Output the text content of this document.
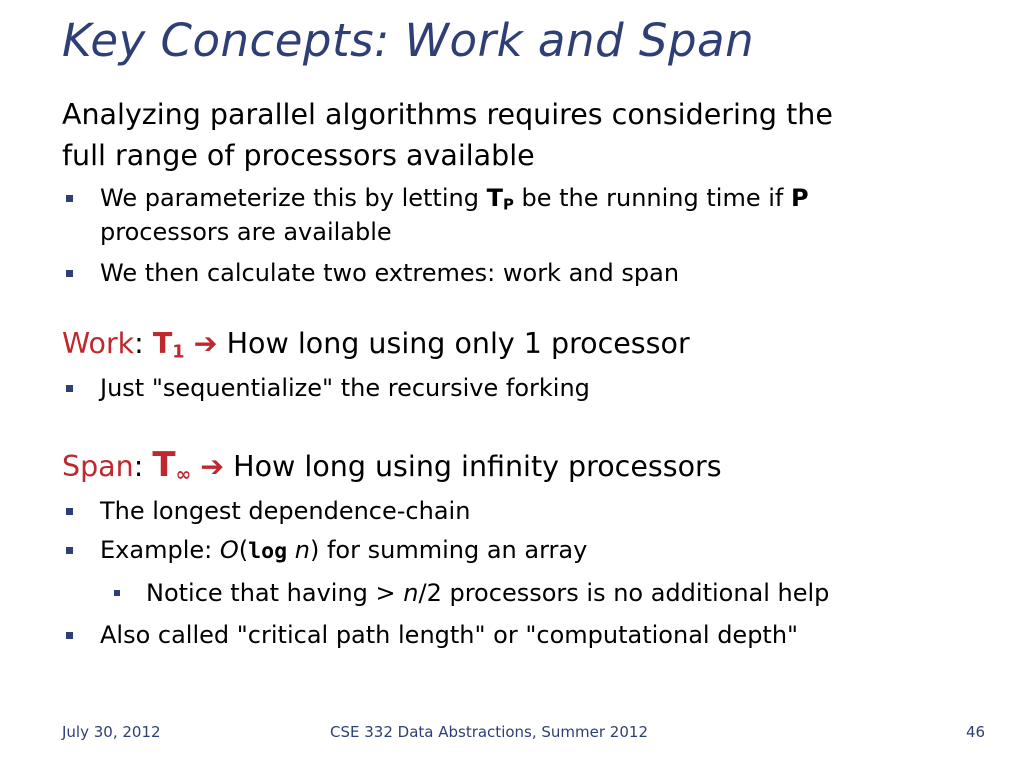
Key Concepts: Work and Span
Analyzing parallel algorithms requires considering the
full range of processors available
We parameterize this by letting $T_P$ be the running time if P
processors are available
We then calculate two extremes: work and span
Work: $T_1$ ➔ How long using only 1 processor
Just "sequentialize" the recursive forking
Span: $T_\infty$ ➔ How long using infinity processors
The longest dependence-chain
Example: O(log n) for summing an array
Notice that having > n/2 processors is no additional help
Also called "critical path length" or "computational depth"
July 30, 2012	CSE 332 Data Abstractions, Summer 2012	46
